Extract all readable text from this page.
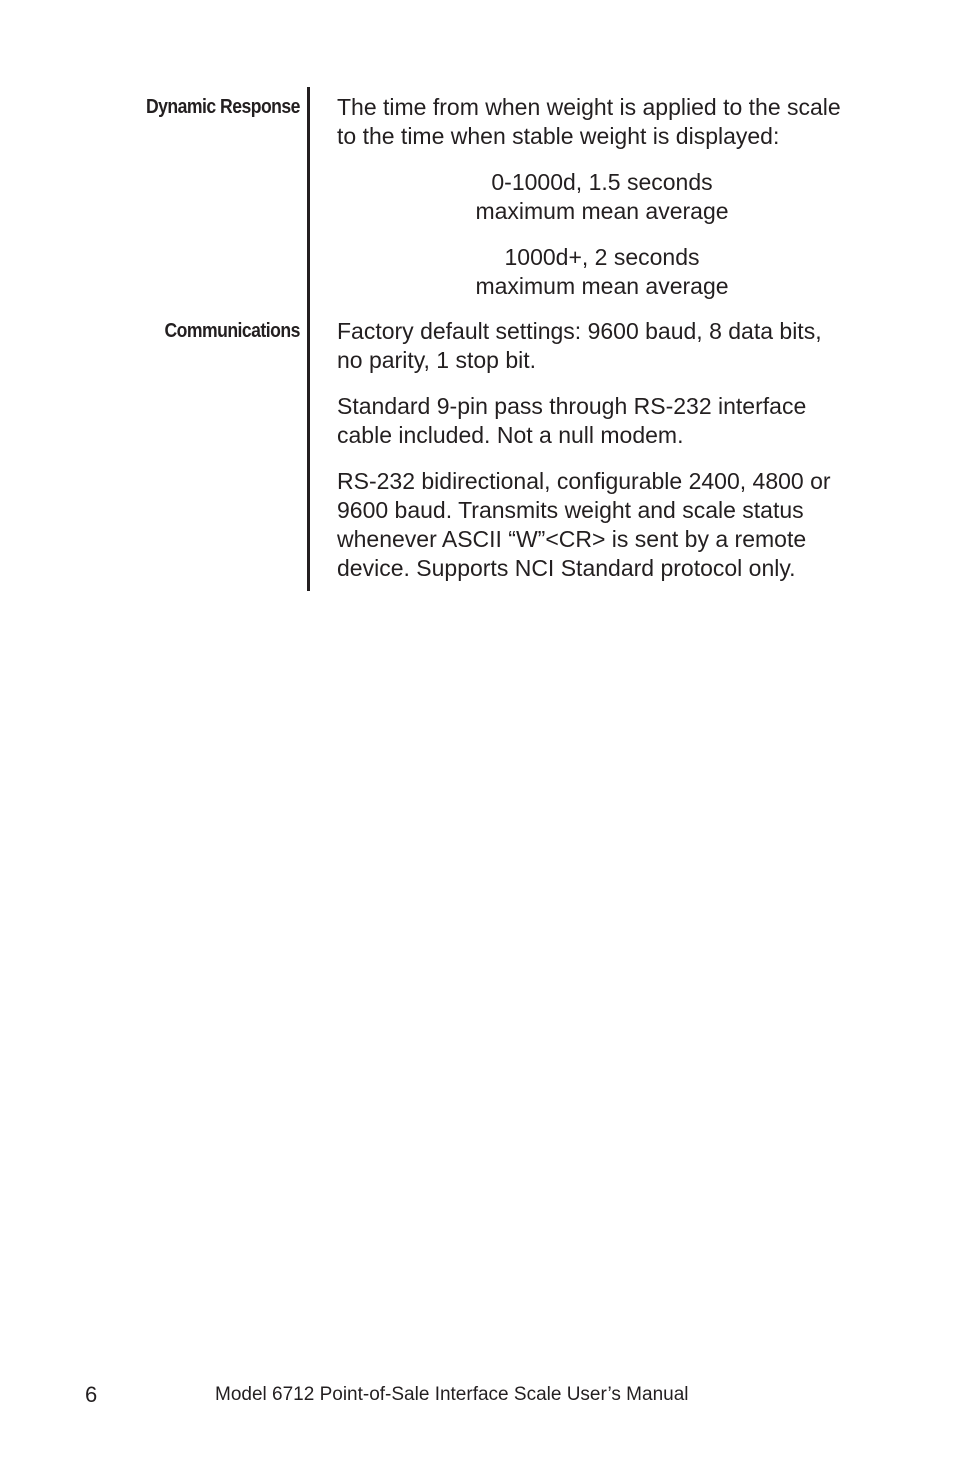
Dynamic Response
Communications

The time from when weight is applied to the scale
to the time when stable weight is displayed:

0-1000d, 1.5 seconds
maximum mean average

1000d+, 2 seconds
maximum mean average

Factory default settings: 9600 baud, 8 data bits,
no parity, 1 stop bit.

Standard 9-pin pass through RS-232 interface
cable included. Not a null modem.

RS-232 bidirectional, configurable 2400, 4800 or
9600 baud. Transmits weight and scale status
whenever ASCII “W”<CR> is sent by a remote
device. Supports NCI Standard protocol only.

6	Model 6712 Point-of-Sale Interface Scale User’s Manual
